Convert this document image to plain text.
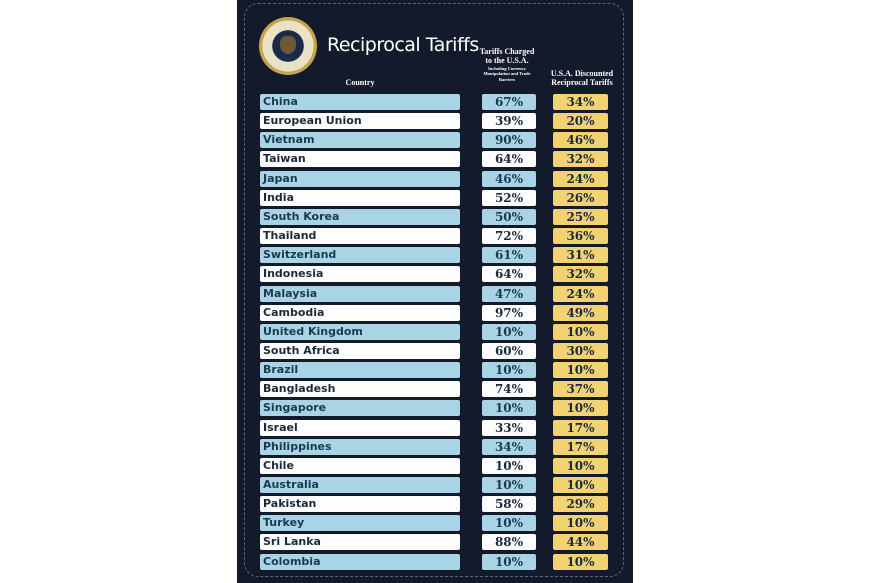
Reciprocal Tariffs
Country
Tariffs Charged to the U.S.A.
Including Currency Manipulation and Trade Barriers
U.S.A. Discounted Reciprocal Tariffs
China	67%	34%
European Union	39%	20%
Vietnam	90%	46%
Taiwan	64%	32%
Japan	46%	24%
India	52%	26%
South Korea	50%	25%
Thailand	72%	36%
Switzerland	61%	31%
Indonesia	64%	32%
Malaysia	47%	24%
Cambodia	97%	49%
United Kingdom	10%	10%
South Africa	60%	30%
Brazil	10%	10%
Bangladesh	74%	37%
Singapore	10%	10%
Israel	33%	17%
Philippines	34%	17%
Chile	10%	10%
Australia	10%	10%
Pakistan	58%	29%
Turkey	10%	10%
Sri Lanka	88%	44%
Colombia	10%	10%
